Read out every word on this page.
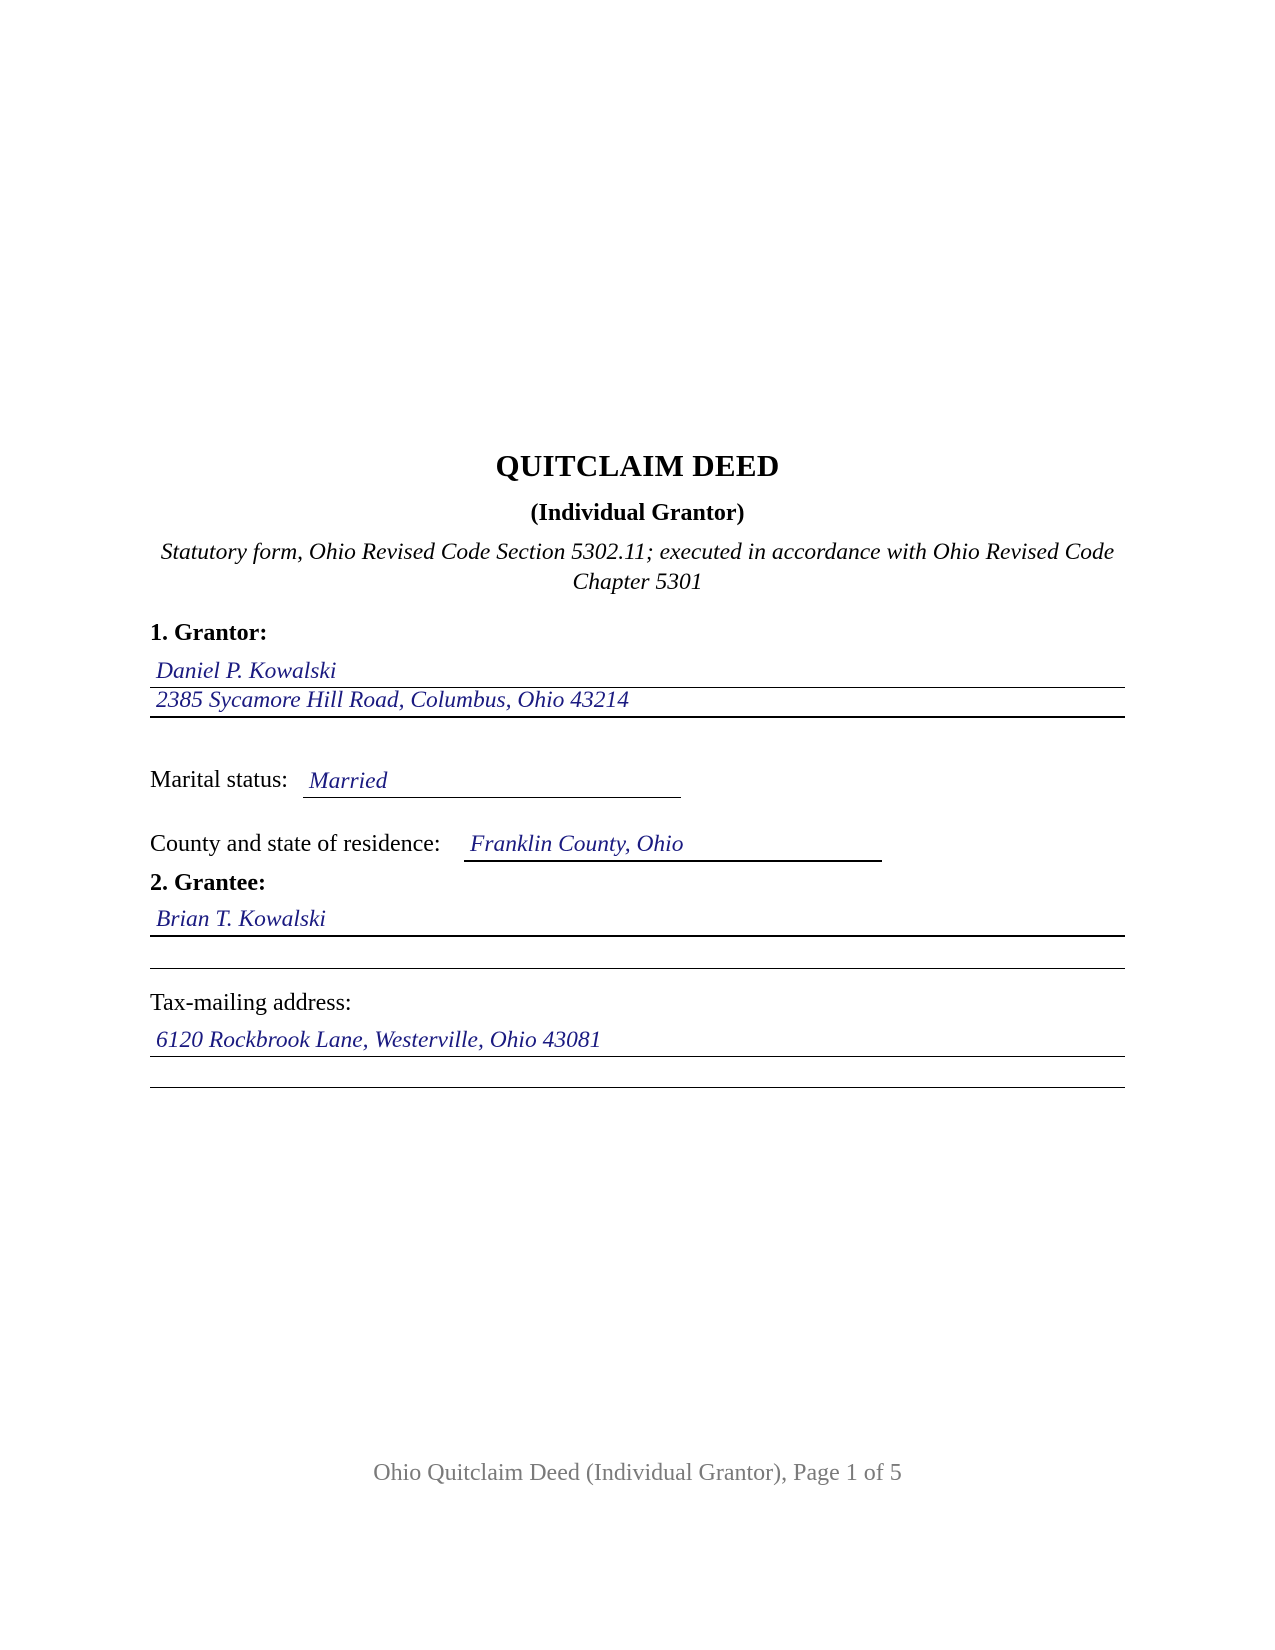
QUITCLAIM DEED
(Individual Grantor)
Statutory form, Ohio Revised Code Section 5302.11; executed in accordance with Ohio Revised Code Chapter 5301
1. Grantor:
Daniel P. Kowalski
2385 Sycamore Hill Road, Columbus, Ohio 43214
Marital status: Married
County and state of residence: Franklin County, Ohio
2. Grantee:
Brian T. Kowalski
Tax-mailing address:
6120 Rockbrook Lane, Westerville, Ohio 43081
Ohio Quitclaim Deed (Individual Grantor), Page 1 of 5
